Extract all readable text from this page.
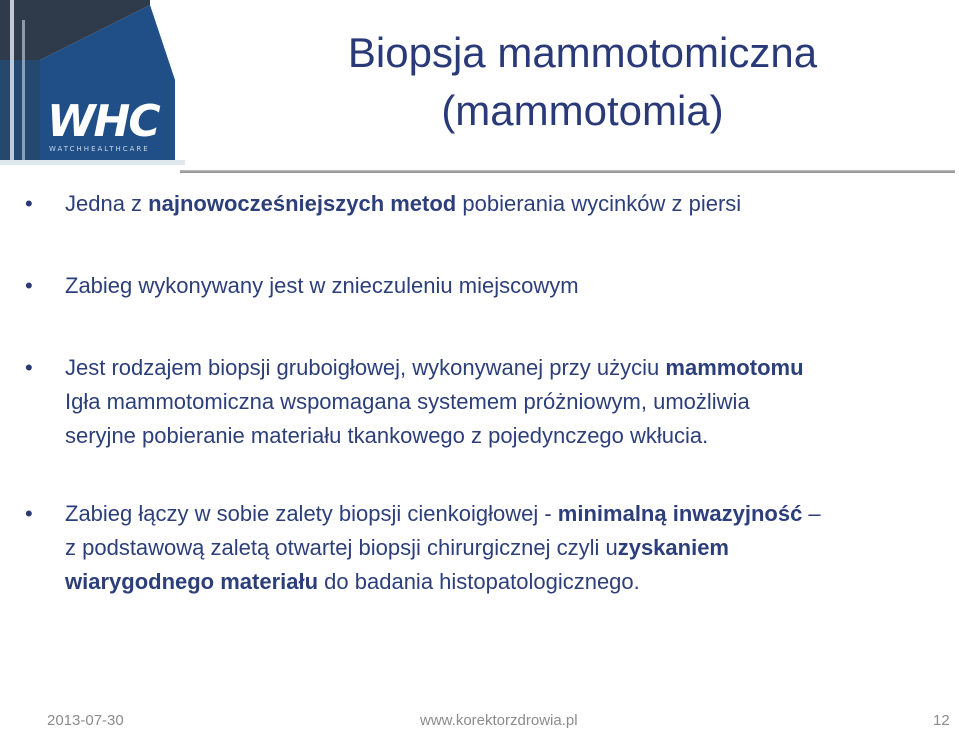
WHC
WATCHHEALTHCARE
Biopsja mammotomiczna
(mammotomia)
•	Jedna z najnowocześniejszych metod pobierania wycinków z piersi
•	Zabieg wykonywany jest w znieczuleniu miejscowym
•	Jest rodzajem biopsji gruboigłowej, wykonywanej przy użyciu mammotomu
Igła mammotomiczna wspomagana systemem próżniowym, umożliwia
seryjne pobieranie materiału tkankowego z pojedynczego wkłucia.
•	Zabieg łączy w sobie zalety biopsji cienkoigłowej - minimalną inwazyjność –
z podstawową zaletą otwartej biopsji chirurgicznej czyli uzyskaniem
wiarygodnego materiału do badania histopatologicznego.
2013-07-30	www.korektorzdrowia.pl	12
